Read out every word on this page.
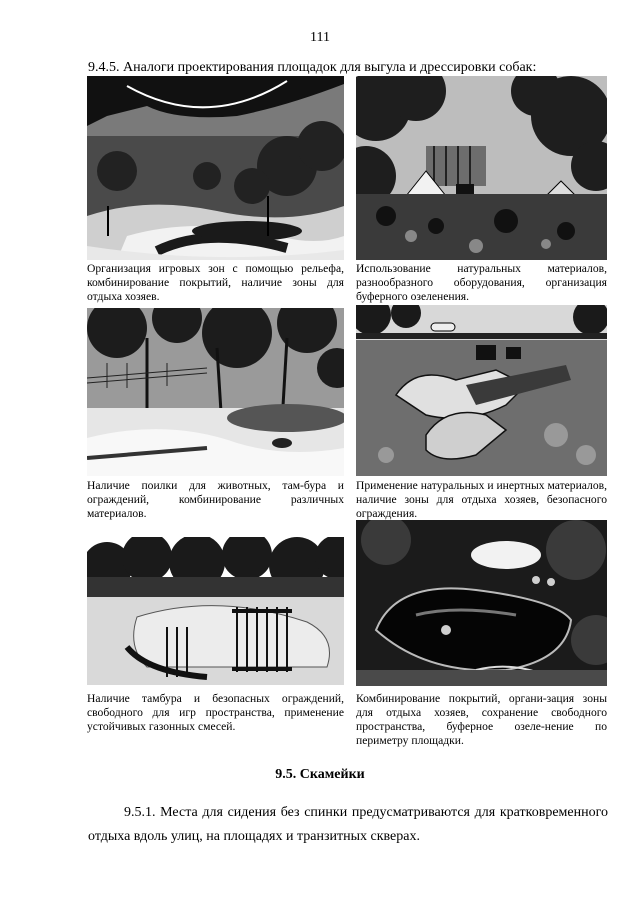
111
9.4.5. Аналоги проектирования площадок для выгула и дрессировки собак:
Организация игровых зон с помощью рельефа, комбинирование покрытий, наличие зоны для отдыха хозяев.
Использование натуральных материалов, разнообразного оборудования, организация буферного озеленения.
Наличие поилки для животных, там-бура и ограждений, комбинирование различных материалов.
Применение натуральных и инертных материалов, наличие зоны для отдыха хозяев, безопасного ограждения.
Наличие тамбура и безопасных ограждений, свободного для игр пространства, применение устойчивых газонных смесей.
Комбинирование покрытий, органи-зация зоны для отдыха хозяев, сохранение свободного пространства, буферное озеле-нение по периметру площадки.
9.5. Скамейки
9.5.1. Места для сидения без спинки предусматриваются для кратковременного отдыха вдоль улиц, на площадях и транзитных скверах.
